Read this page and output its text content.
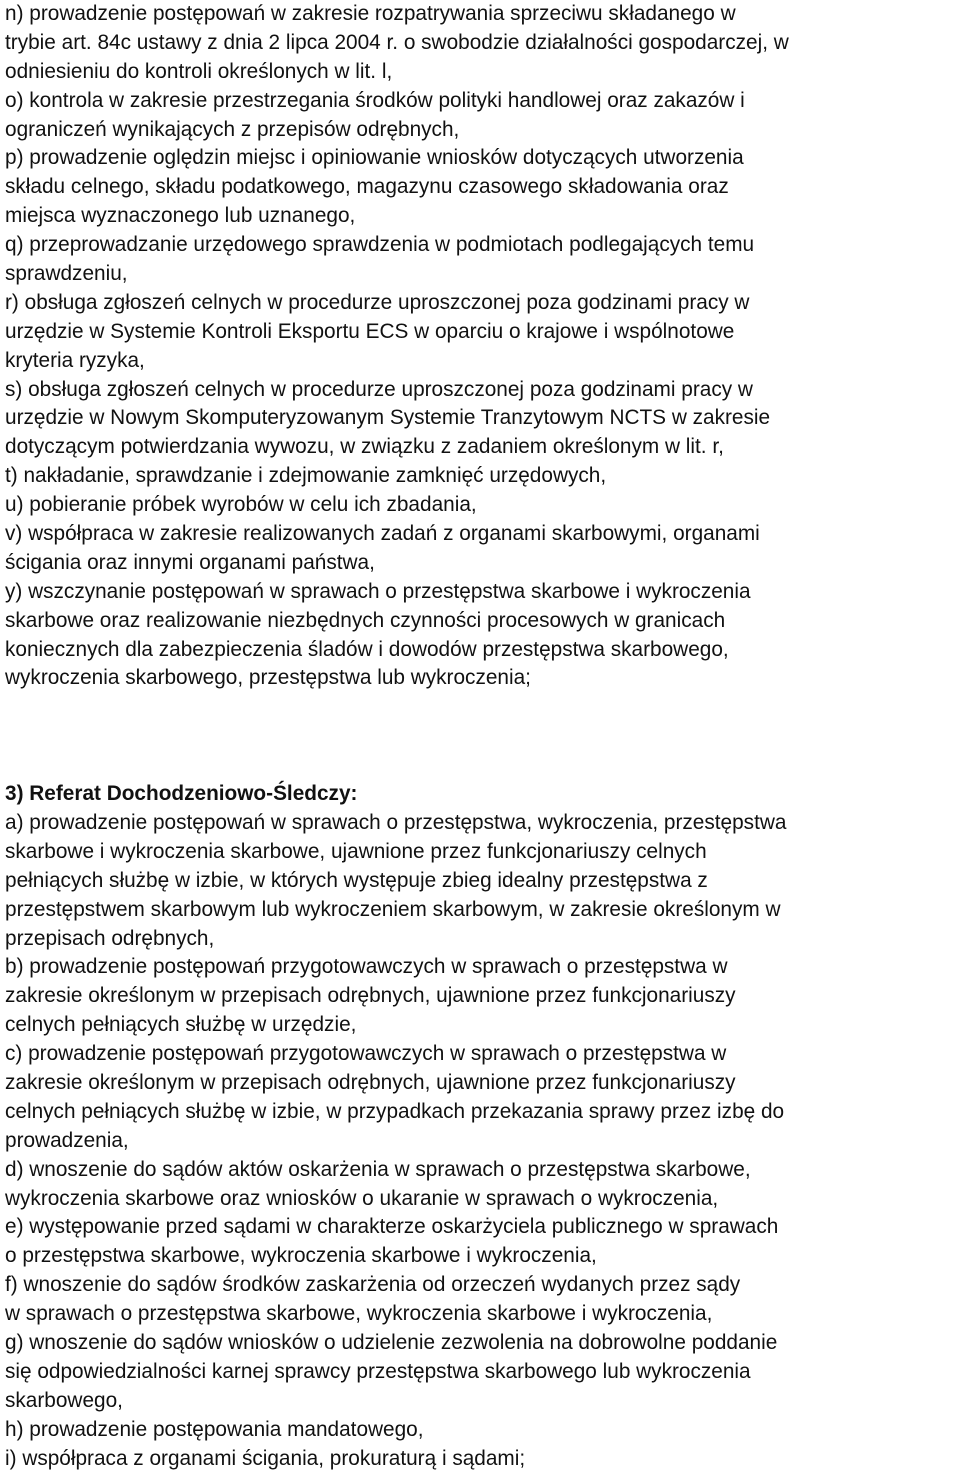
n) prowadzenie postępowań w zakresie rozpatrywania sprzeciwu składanego w
trybie art. 84c ustawy z dnia 2 lipca 2004 r. o swobodzie działalności gospodarczej, w
odniesieniu do kontroli określonych w lit. l,
o) kontrola w zakresie przestrzegania środków polityki handlowej oraz zakazów i
ograniczeń wynikających z przepisów odrębnych,
p) prowadzenie oględzin miejsc i opiniowanie wniosków dotyczących utworzenia
składu celnego, składu podatkowego, magazynu czasowego składowania oraz
miejsca wyznaczonego lub uznanego,
q) przeprowadzanie urzędowego sprawdzenia w podmiotach podlegających temu
sprawdzeniu,
r) obsługa zgłoszeń celnych w procedurze uproszczonej poza godzinami pracy w
urzędzie w Systemie Kontroli Eksportu ECS w oparciu o krajowe i wspólnotowe
kryteria ryzyka,
s) obsługa zgłoszeń celnych w procedurze uproszczonej poza godzinami pracy w
urzędzie w Nowym Skomputeryzowanym Systemie Tranzytowym NCTS w zakresie
dotyczącym potwierdzania wywozu, w związku z zadaniem określonym w lit. r,
t) nakładanie, sprawdzanie i zdejmowanie zamknięć urzędowych,
u) pobieranie próbek wyrobów w celu ich zbadania,
v) współpraca w zakresie realizowanych zadań z organami skarbowymi, organami
ścigania oraz innymi organami państwa,
y) wszczynanie postępowań w sprawach o przestępstwa skarbowe i wykroczenia
skarbowe oraz realizowanie niezbędnych czynności procesowych w granicach
koniecznych dla zabezpieczenia śladów i dowodów przestępstwa skarbowego,
wykroczenia skarbowego, przestępstwa lub wykroczenia;
3) Referat Dochodzeniowo-Śledczy:
a) prowadzenie postępowań w sprawach o przestępstwa, wykroczenia, przestępstwa
skarbowe i wykroczenia skarbowe, ujawnione przez funkcjonariuszy celnych
pełniących służbę w izbie, w których występuje zbieg idealny przestępstwa z
przestępstwem skarbowym lub wykroczeniem skarbowym, w zakresie określonym w
przepisach odrębnych,
b) prowadzenie postępowań przygotowawczych w sprawach o przestępstwa w
zakresie określonym w przepisach odrębnych, ujawnione przez funkcjonariuszy
celnych pełniących służbę w urzędzie,
c) prowadzenie postępowań przygotowawczych w sprawach o przestępstwa w
zakresie określonym w przepisach odrębnych, ujawnione przez funkcjonariuszy
celnych pełniących służbę w izbie, w przypadkach przekazania sprawy przez izbę do
prowadzenia,
d) wnoszenie do sądów aktów oskarżenia w sprawach o przestępstwa skarbowe,
wykroczenia skarbowe oraz wniosków o ukaranie w sprawach o wykroczenia,
e) występowanie przed sądami w charakterze oskarżyciela publicznego w sprawach
o przestępstwa skarbowe, wykroczenia skarbowe i wykroczenia,
f) wnoszenie do sądów środków zaskarżenia od orzeczeń wydanych przez sądy
w sprawach o przestępstwa skarbowe, wykroczenia skarbowe i wykroczenia,
g) wnoszenie do sądów wniosków o udzielenie zezwolenia na dobrowolne poddanie
się odpowiedzialności karnej sprawcy przestępstwa skarbowego lub wykroczenia
skarbowego,
h) prowadzenie postępowania mandatowego,
i) współpraca z organami ścigania, prokuraturą i sądami;
